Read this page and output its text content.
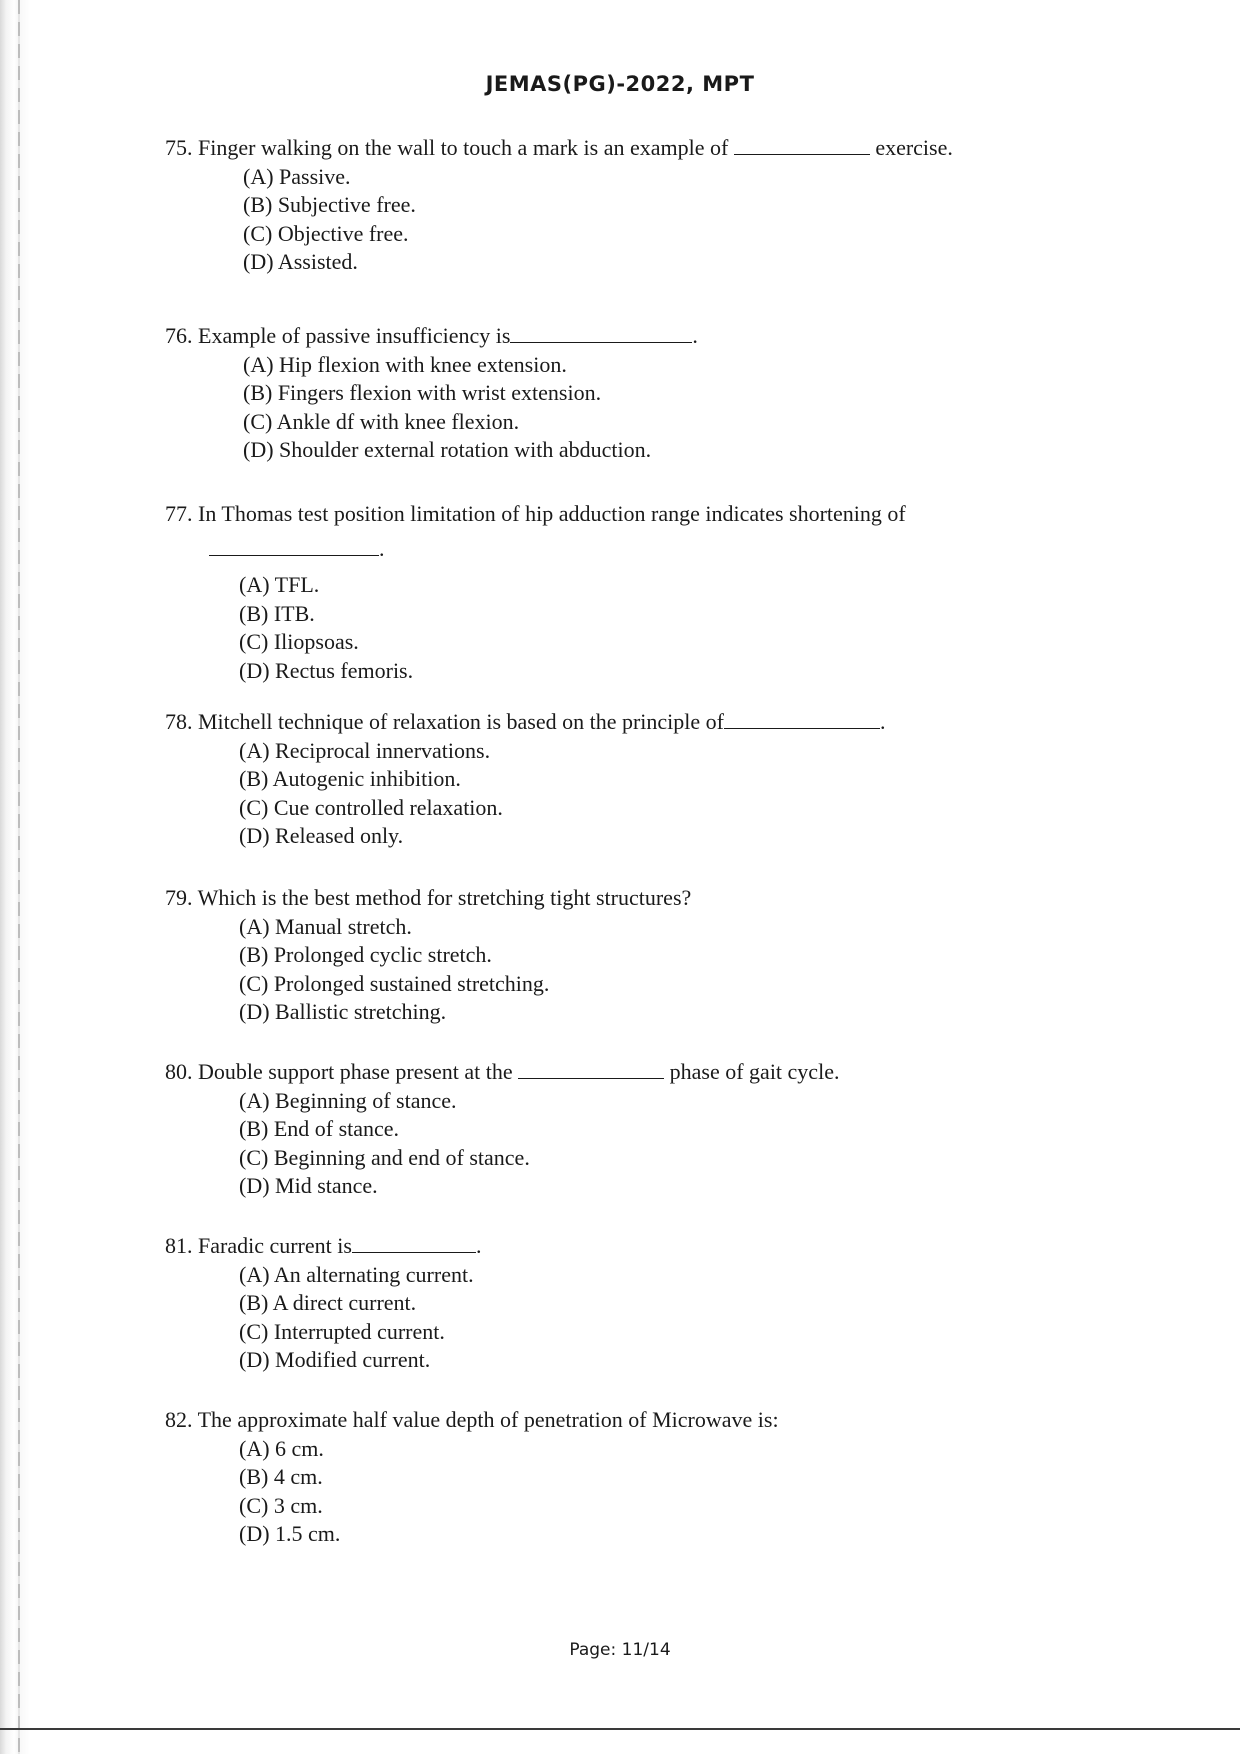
JEMAS(PG)-2022, MPT
75. Finger walking on the wall to touch a mark is an example of	exercise.
(A) Passive.
(B) Subjective free.
(C) Objective free.
(D) Assisted.
76. Example of passive insufficiency is	.
(A) Hip flexion with knee extension.
(B) Fingers flexion with wrist extension.
(C) Ankle df with knee flexion.
(D) Shoulder external rotation with abduction.
77. In Thomas test position limitation of hip adduction range indicates shortening of
.
(A) TFL.
(B) ITB.
(C) Iliopsoas.
(D) Rectus femoris.
78. Mitchell technique of relaxation is based on the principle of	.
(A) Reciprocal innervations.
(B) Autogenic inhibition.
(C) Cue controlled relaxation.
(D) Released only.
79. Which is the best method for stretching tight structures?
(A) Manual stretch.
(B) Prolonged cyclic stretch.
(C) Prolonged sustained stretching.
(D) Ballistic stretching.
80. Double support phase present at the	phase of gait cycle.
(A) Beginning of stance.
(B) End of stance.
(C) Beginning and end of stance.
(D) Mid stance.
81. Faradic current is	.
(A) An alternating current.
(B) A direct current.
(C) Interrupted current.
(D) Modified current.
82. The approximate half value depth of penetration of Microwave is:
(A) 6 cm.
(B) 4 cm.
(C) 3 cm.
(D) 1.5 cm.
Page: 11/14
